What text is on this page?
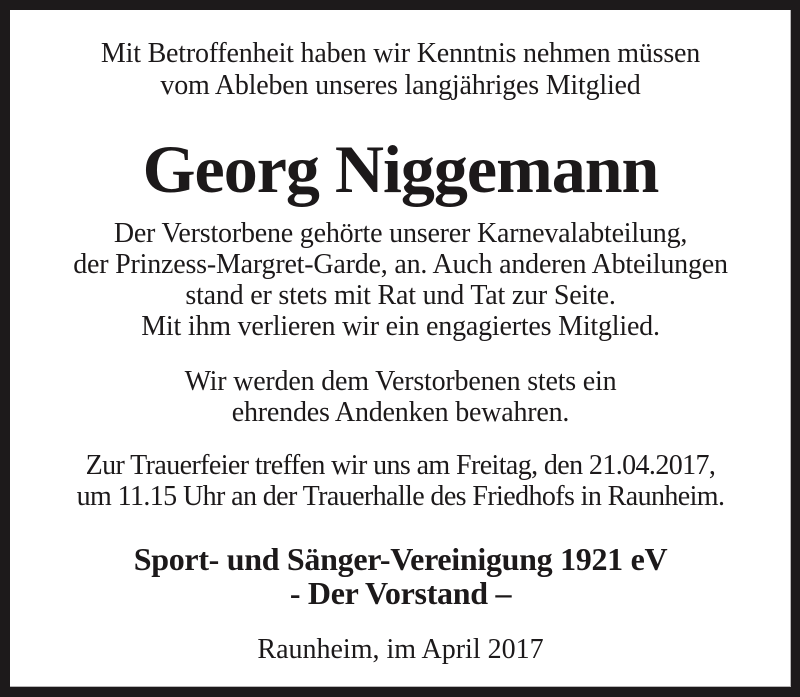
Mit Betroffenheit haben wir Kenntnis nehmen müssen
vom Ableben unseres langjähriges Mitglied
Georg Niggemann
Der Verstorbene gehörte unserer Karnevalabteilung,
der Prinzess-Margret-Garde, an. Auch anderen Abteilungen
stand er stets mit Rat und Tat zur Seite.
Mit ihm verlieren wir ein engagiertes Mitglied.
Wir werden dem Verstorbenen stets ein
ehrendes Andenken bewahren.
Zur Trauerfeier treffen wir uns am Freitag, den 21.04.2017,
um 11.15 Uhr an der Trauerhalle des Friedhofs in Raunheim.
Sport- und Sänger-Vereinigung 1921 eV
- Der Vorstand –
Raunheim, im April 2017
